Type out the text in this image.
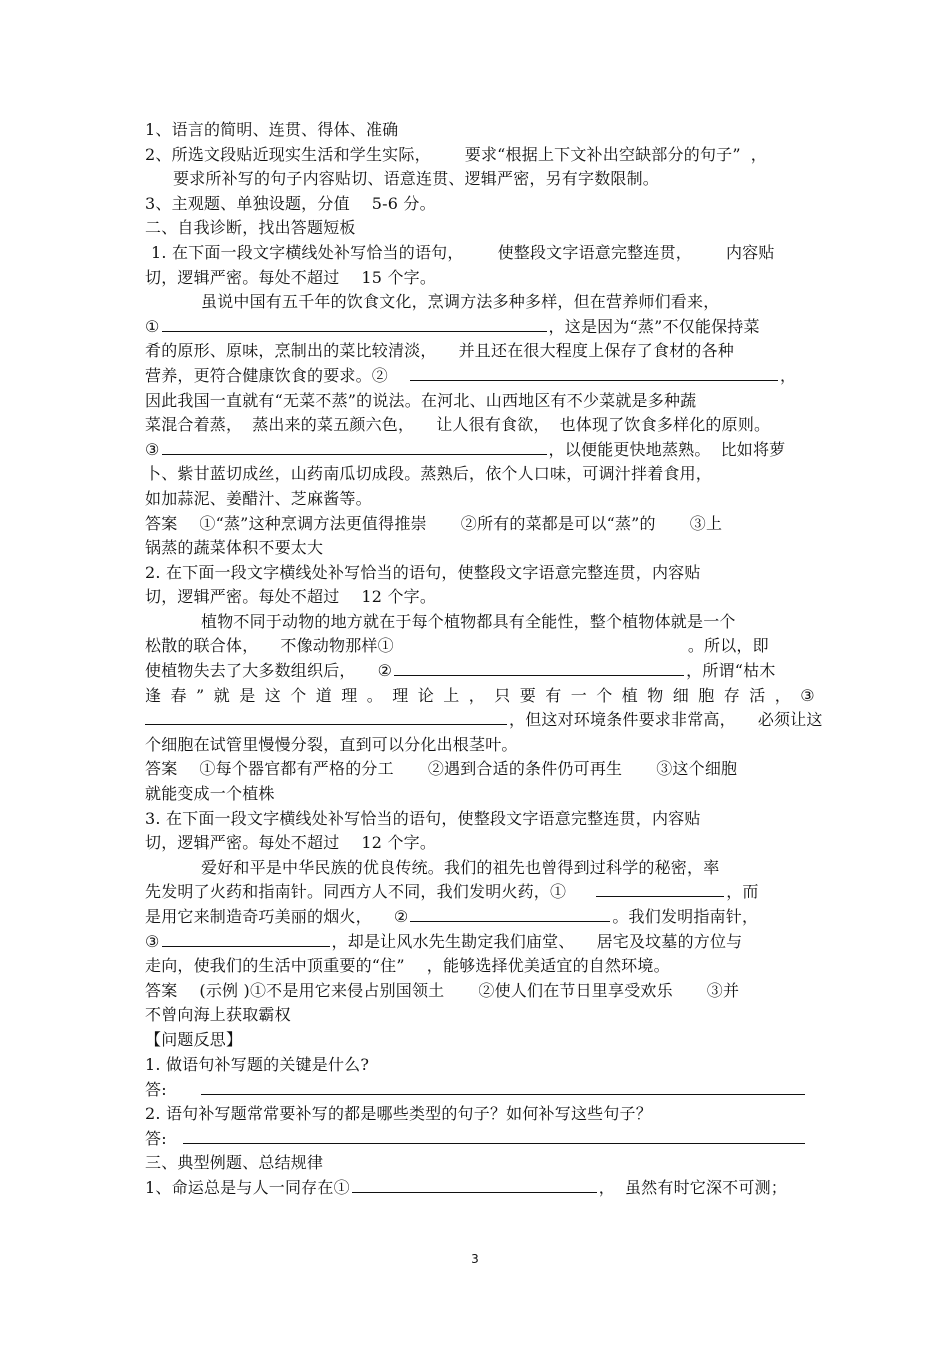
1、语言的简明、连贯、得体、准确
2、所选文段贴近现实生活和学生实际， 要求“根据上下文补出空缺部分的句子” ，
要求所补写的句子内容贴切、语意连贯、逻辑严密，另有字数限制。
3、主观题、单独设题，分值 5-6 分。
二、自我诊断，找出答题短板
1. 在下面一段文字横线处补写恰当的语句， 使整段文字语意完整连贯， 内容贴
切，逻辑严密。每处不超过 15 个字。
虽说中国有五千年的饮食文化，烹调方法多种多样，但在营养师们看来，
①	，这是因为“蒸”不仅能保持菜
肴的原形、原味，烹制出的菜比较清淡， 并且还在很大程度上保存了食材的各种
营养，更符合健康饮食的要求。②	，
因此我国一直就有“无菜不蒸”的说法。在河北、山西地区有不少菜就是多种蔬
菜混合着蒸， 蒸出来的菜五颜六色， 让人很有食欲， 也体现了饮食多样化的原则。
③	，以便能更快地蒸熟。 比如将萝
卜、紫甘蓝切成丝，山药南瓜切成段。蒸熟后，依个人口味，可调汁拌着食用，
如加蒜泥、姜醋汁、芝麻酱等。
答案 ①“蒸”这种烹调方法更值得推崇 ②所有的菜都是可以“蒸”的 ③上
锅蒸的蔬菜体积不要太大
2. 在下面一段文字横线处补写恰当的语句，使整段文字语意完整连贯，内容贴
切，逻辑严密。每处不超过 12 个字。
植物不同于动物的地方就在于每个植物都具有全能性，整个植物体就是一个
松散的联合体， 不像动物那样①	。所以，即
使植物失去了大多数组织后， ②	，所谓“枯木
逢 春 ” 就 是 这 个 道 理 。 理 论 上 ， 只 要 有 一 个 植 物 细 胞 存 活 ， ③
，但这对环境条件要求非常高， 必须让这
个细胞在试管里慢慢分裂，直到可以分化出根茎叶。
答案 ①每个器官都有严格的分工 ②遇到合适的条件仍可再生 ③这个细胞
就能变成一个植株
3. 在下面一段文字横线处补写恰当的语句，使整段文字语意完整连贯，内容贴
切，逻辑严密。每处不超过 12 个字。
爱好和平是中华民族的优良传统。我们的祖先也曾得到过科学的秘密，率
先发明了火药和指南针。同西方人不同，我们发明火药，①	，而
是用它来制造奇巧美丽的烟火， ②	。我们发明指南针，
③	，却是让风水先生勘定我们庙堂、 居宅及坟墓的方位与
走向，使我们的生活中顶重要的“住” ，能够选择优美适宜的自然环境。
答案 (示例 )①不是用它来侵占别国领土 ②使人们在节日里享受欢乐 ③并
不曾向海上获取霸权
【问题反思】
1. 做语句补写题的关键是什么?
答:
2. 语句补写题常常要补写的都是哪些类型的句子？如何补写这些句子？
答:
三、典型例题、总结规律
1、命运总是与人一同存在①	， 虽然有时它深不可测；
3
